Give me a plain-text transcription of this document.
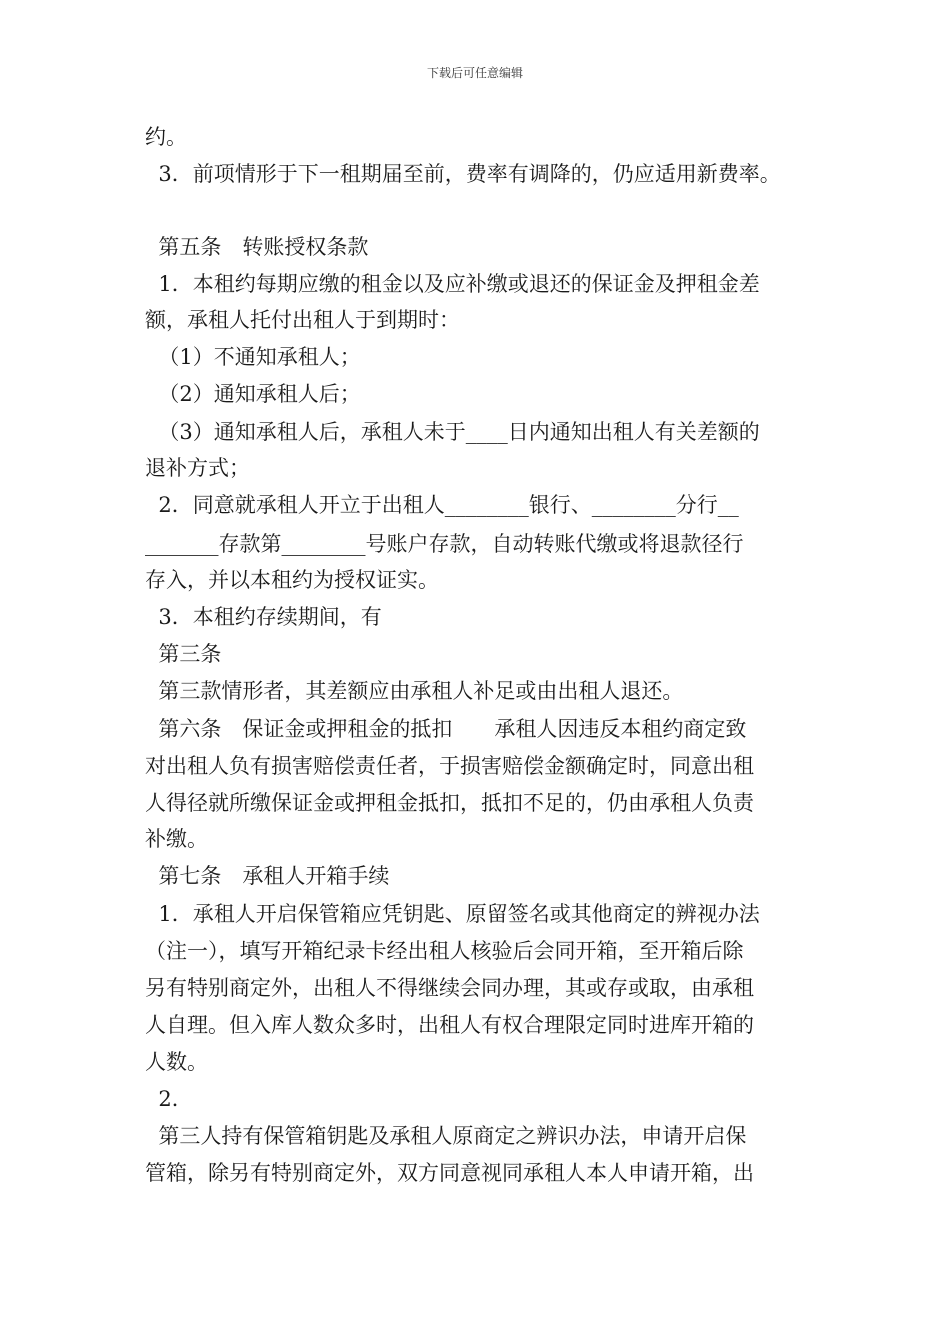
下载后可任意编辑
约。
3．前项情形于下一租期届至前，费率有调降的，仍应适用新费率。
第五条　转账授权条款
1．本租约每期应缴的租金以及应补缴或退还的保证金及押租金差
额，承租人托付出租人于到期时：
（1）不通知承租人；
（2）通知承租人后；
（3）通知承租人后，承租人未于____日内通知出租人有关差额的
退补方式；
2．同意就承租人开立于出租人________银行、________分行__
_______存款第________号账户存款，自动转账代缴或将退款径行
存入，并以本租约为授权证实。
3．本租约存续期间，有
第三条
第三款情形者，其差额应由承租人补足或由出租人退还。
第六条　保证金或押租金的抵扣　　承租人因违反本租约商定致
对出租人负有损害赔偿责任者，于损害赔偿金额确定时，同意出租
人得径就所缴保证金或押租金抵扣，抵扣不足的，仍由承租人负责
补缴。
第七条　承租人开箱手续
1．承租人开启保管箱应凭钥匙、原留签名或其他商定的辨视办法
（注一），填写开箱纪录卡经出租人核验后会同开箱，至开箱后除
另有特别商定外，出租人不得继续会同办理，其或存或取，由承租
人自理。但入库人数众多时，出租人有权合理限定同时进库开箱的
人数。
2．
第三人持有保管箱钥匙及承租人原商定之辨识办法，申请开启保
管箱，除另有特别商定外，双方同意视同承租人本人申请开箱，出
